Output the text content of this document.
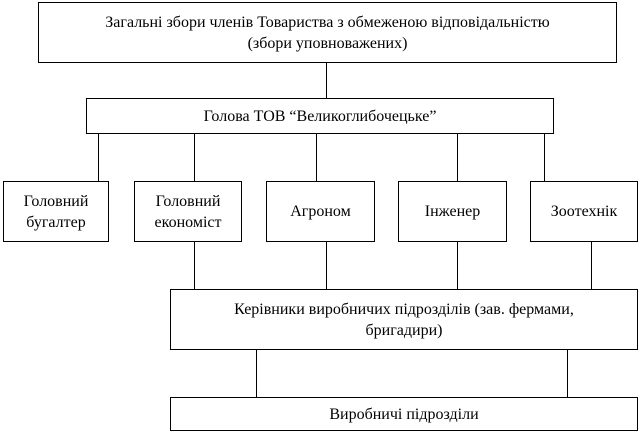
Загальні збори членів Товариства з обмеженою відповідальністю
(збори уповноважених)
Голова ТОВ “Великоглибочецьке”
Головний
бугалтер
Головний
економіст
Агроном	Інженер	Зоотехнік
Керівники виробничих підрозділів (зав. фермами,
бригадири)
Виробничі підрозділи
